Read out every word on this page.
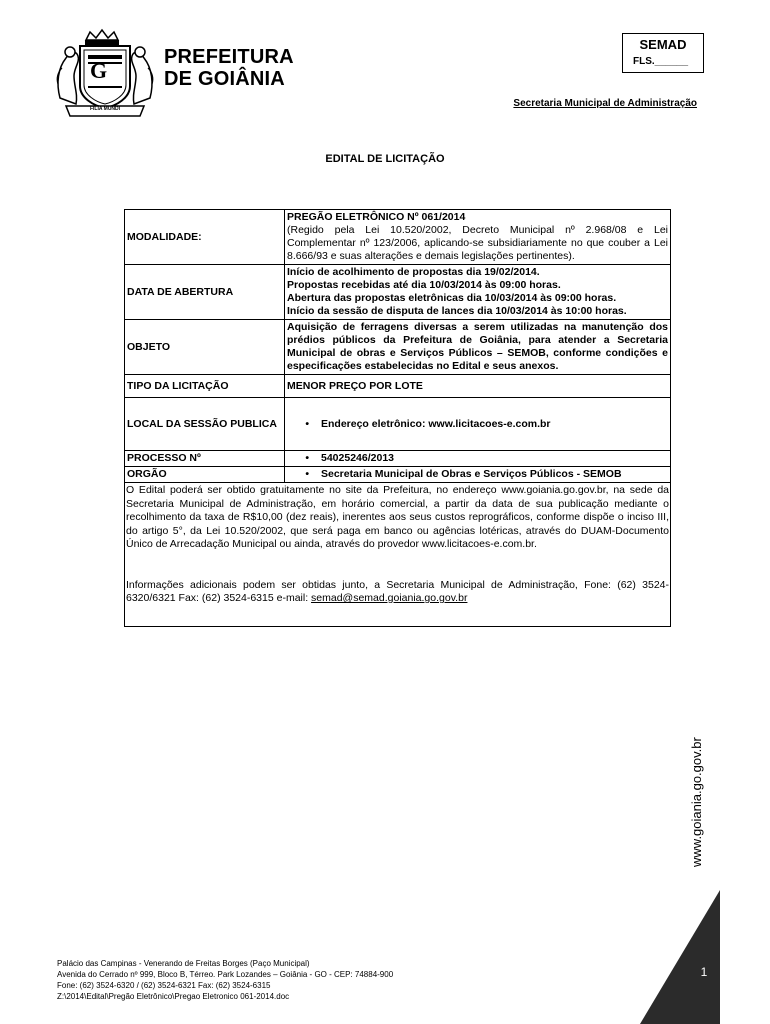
G
FILIA MUNDI
PREFEITURA
DE GOIÂNIA
SEMAD
FLS.______
Secretaria Municipal de Administração
EDITAL DE LICITAÇÃO
MODALIDADE:	PREGÃO ELETRÔNICO Nº 061/2014
(Regido pela Lei 10.520/2002, Decreto Municipal nº 2.968/08 e Lei Complementar nº 123/2006, aplicando-se subsidiariamente no que couber a Lei 8.666/93 e suas alterações e demais legislações pertinentes).

DATA DE ABERTURA	Início de acolhimento de propostas dia 19/02/2014.
Propostas recebidas até dia 10/03/2014 às 09:00 horas.
Abertura das propostas eletrônicas dia 10/03/2014 às 09:00 horas.
Início da sessão de disputa de lances dia 10/03/2014 às 10:00 horas.

OBJETO	Aquisição de ferragens diversas a serem utilizadas na manutenção dos prédios públicos da Prefeitura de Goiânia, para atender a Secretaria Municipal de obras e Serviços Públicos – SEMOB, conforme condições e especificações estabelecidas no Edital e seus anexos.
TIPO DA LICITAÇÃO	MENOR PREÇO POR LOTE
LOCAL DA SESSÃO PUBLICA	• Endereço eletrônico: www.licitacoes-e.com.br
PROCESSO Nº	• 54025246/2013
ORGÃO	• Secretaria Municipal de Obras e Serviços Públicos - SEMOB

O Edital poderá ser obtido gratuitamente no site da Prefeitura, no endereço www.goiania.go.gov.br, na sede da Secretaria Municipal de Administração, em horário comercial, a partir da data de sua publicação mediante o recolhimento da taxa de R$10,00 (dez reais), inerentes aos seus custos reprográficos, conforme dispõe o inciso III, do artigo 5°, da Lei 10.520/2002, que será paga em banco ou agências lotéricas, através do DUAM-Documento Único de Arrecadação Municipal ou ainda, através do provedor www.licitacoes-e.com.br.
Informações adicionais podem ser obtidas junto, a Secretaria Municipal de Administração, Fone: (62) 3524-6320/6321 Fax: (62) 3524-6315 e-mail: semad@semad.goiania.go.gov.br	
www.goiania.go.gov.br
1
Palácio das Campinas - Venerando de Freitas Borges (Paço Municipal)
Avenida do Cerrado nº 999, Bloco B, Térreo. Park Lozandes – Goiânia - GO - CEP: 74884-900
Fone: (62) 3524-6320 / (62) 3524-6321 Fax: (62) 3524-6315
Z:\2014\Edital\Pregão Eletrônico\Pregao Eletronico 061-2014.doc
